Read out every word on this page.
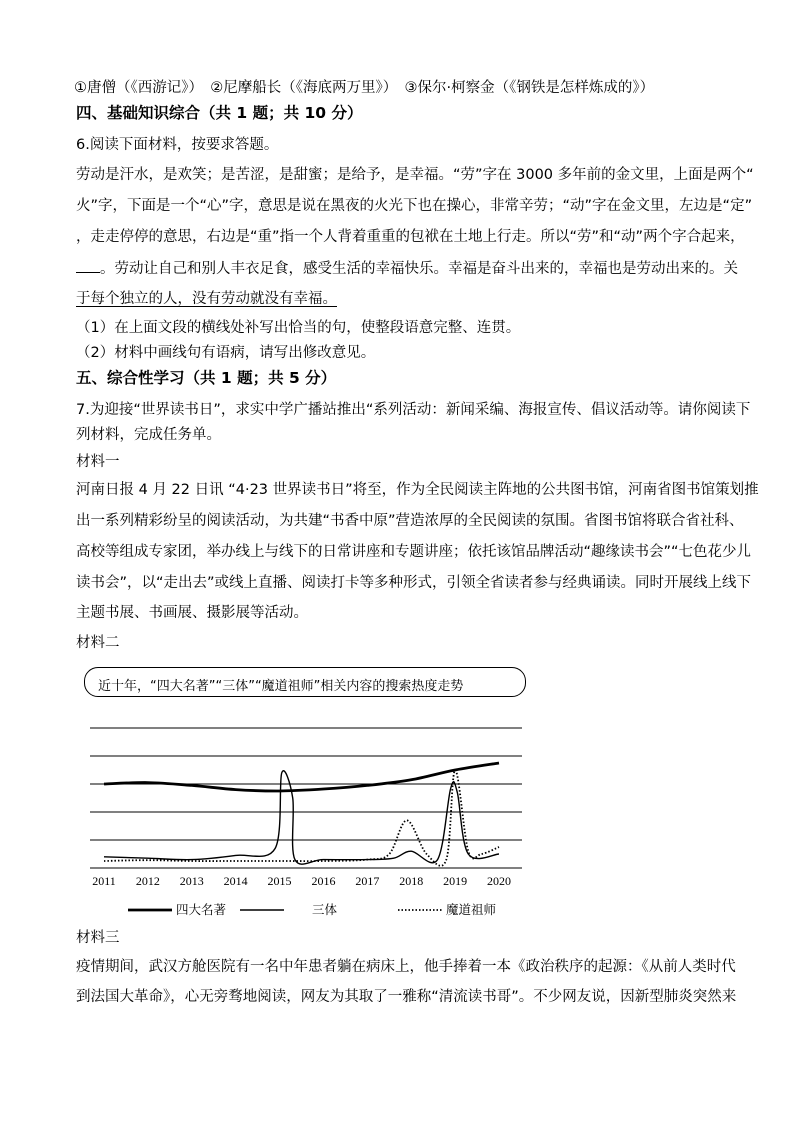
①唐僧（《西游记》）　②尼摩船长（《海底两万里》）　③保尔·柯察金（《钢铁是怎样炼成的》）
四、基础知识综合（共 1 题；共 10 分）
6.阅读下面材料，按要求答题。
劳动是汗水，是欢笑；是苦涩，是甜蜜；是给予，是幸福。“劳”字在 3000 多年前的金文里，上面是两个“
火”字，下面是一个“心”字，意思是说在黑夜的火光下也在操心，非常辛劳；“动”字在金文里，左边是“定”
，走走停停的意思，右边是“重”指一个人背着重重的包袱在土地上行走。所以“劳”和“动”两个字合起来，
。劳动让自己和别人丰衣足食，感受生活的幸福快乐。幸福是奋斗出来的，幸福也是劳动出来的。关
于每个独立的人，没有劳动就没有幸福。
（1）在上面文段的横线处补写出恰当的句，使整段语意完整、连贯。
（2）材料中画线句有语病，请写出修改意见。
五、综合性学习（共 1 题；共 5 分）
7.为迎接“世界读书日”，求实中学广播站推出“系列活动：新闻采编、海报宣传、倡议活动等。请你阅读下
列材料，完成任务单。
材料一
河南日报 4 月 22 日讯 “4·23 世界读书日”将至，作为全民阅读主阵地的公共图书馆，河南省图书馆策划推
出一系列精彩纷呈的阅读活动，为共建“书香中原”营造浓厚的全民阅读的氛围。省图书馆将联合省社科、
高校等组成专家团，举办线上与线下的日常讲座和专题讲座；依托该馆品牌活动“趣缘读书会”“七色花少儿
读书会”，以“走出去”或线上直播、阅读打卡等多种形式，引领全省读者参与经典诵读。同时开展线上线下
主题书展、书画展、摄影展等活动。
材料二
近十年，“四大名著”“三体”“魔道祖师”相关内容的搜索热度走势
2011 2012 2013 2014 2015 2016 2017 2018 2019 2020
四大名著	三体	魔道祖师
材料三
疫情期间，武汉方舱医院有一名中年患者躺在病床上，他手捧着一本《政治秩序的起源：《从前人类时代
到法国大革命》，心无旁骛地阅读，网友为其取了一雅称“清流读书哥”。不少网友说，因新型肺炎突然来
